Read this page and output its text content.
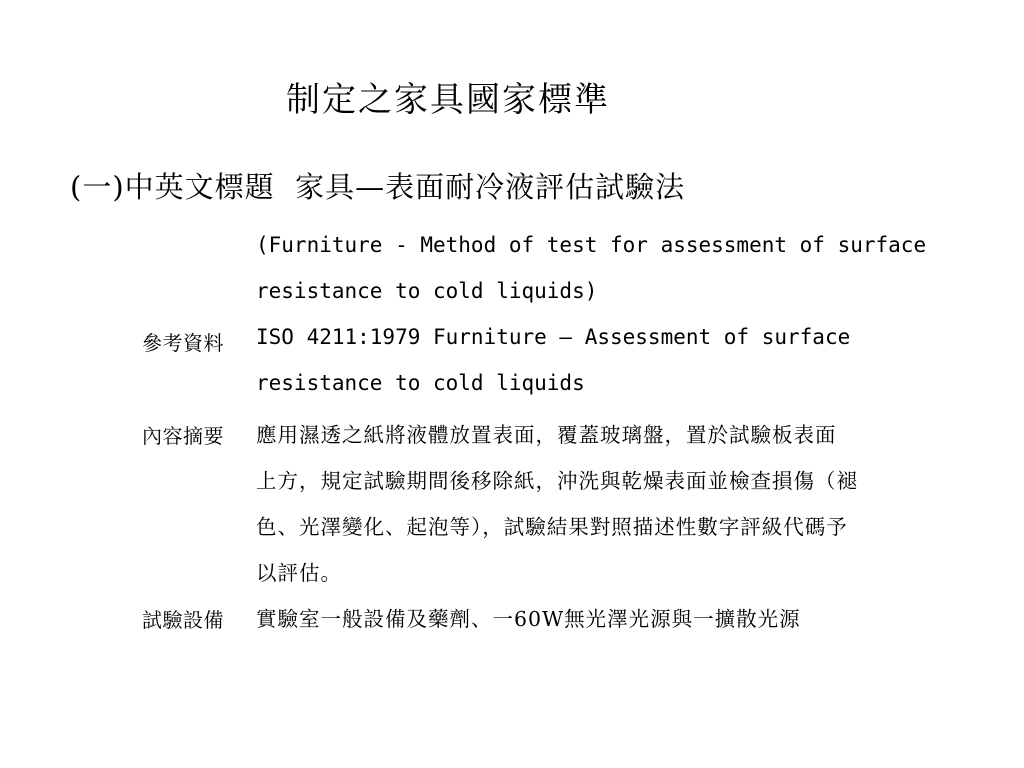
制定之家具國家標準
(一)中英文標題 家具—表面耐冷液評估試驗法
(Furniture - Method of test for assessment of surface
resistance to cold liquids)
參考資料 ISO 4211:1979 Furniture — Assessment of surface
resistance to cold liquids
內容摘要 應用濕透之紙將液體放置表面，覆蓋玻璃盤，置於試驗板表面
上方，規定試驗期間後移除紙，沖洗與乾燥表面並檢查損傷（褪
色、光澤變化、起泡等），試驗結果對照描述性數字評級代碼予
以評估。
試驗設備 實驗室一般設備及藥劑、一60W無光澤光源與一擴散光源
